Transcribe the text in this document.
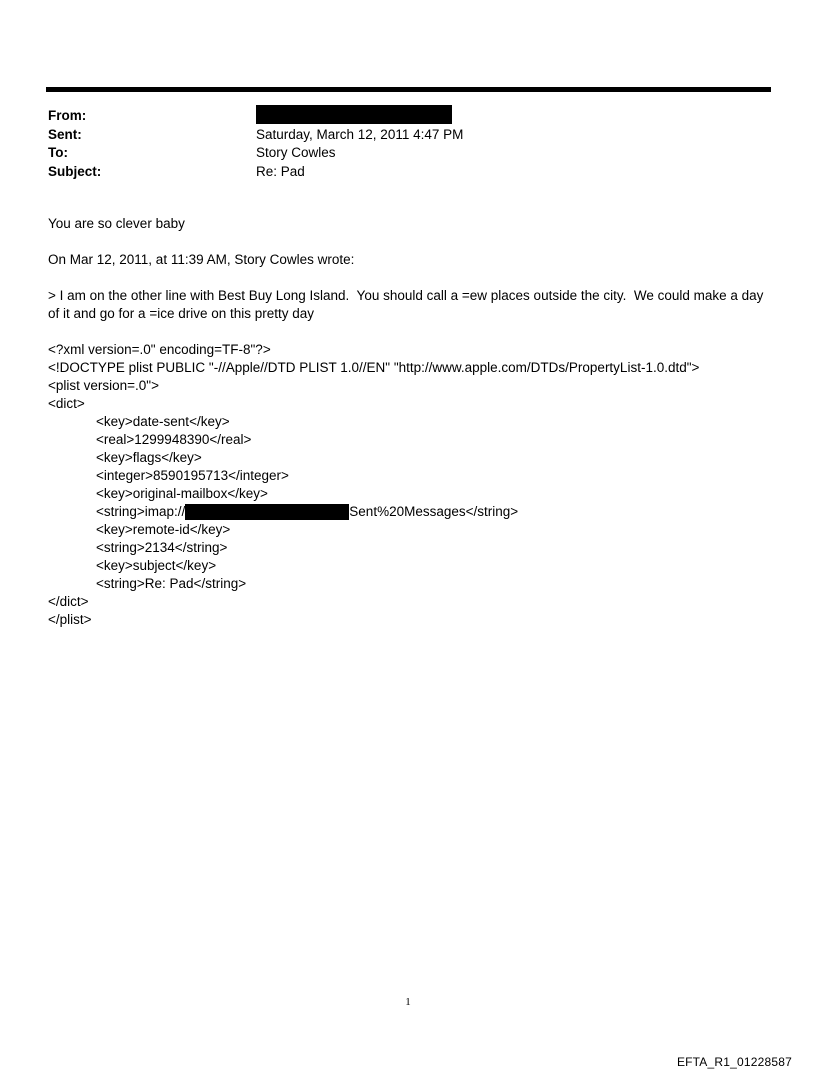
From:
Sent:	Saturday, March 12, 2011 4:47 PM
To:	Story Cowles
Subject:	Re: Pad

You are so clever baby

On Mar 12, 2011, at 11:39 AM, Story Cowles wrote:

> I am on the other line with Best Buy Long Island.  You should call a =ew places outside the city.  We could make a day of it and go for a =ice drive on this pretty day

<?xml version=.0" encoding=TF-8"?>
<!DOCTYPE plist PUBLIC "-//Apple//DTD PLIST 1.0//EN" "http://www.apple.com/DTDs/PropertyList-1.0.dtd">
<plist version=.0">
<dict>
<key>date-sent</key>
<real>1299948390</real>
<key>flags</key>
<integer>8590195713</integer>
<key>original-mailbox</key>
<string>imap://	Sent%20Messages</string>
<key>remote-id</key>
<string>2134</string>
<key>subject</key>
<string>Re: Pad</string>
</dict>
</plist>
1
EFTA_R1_01228587
